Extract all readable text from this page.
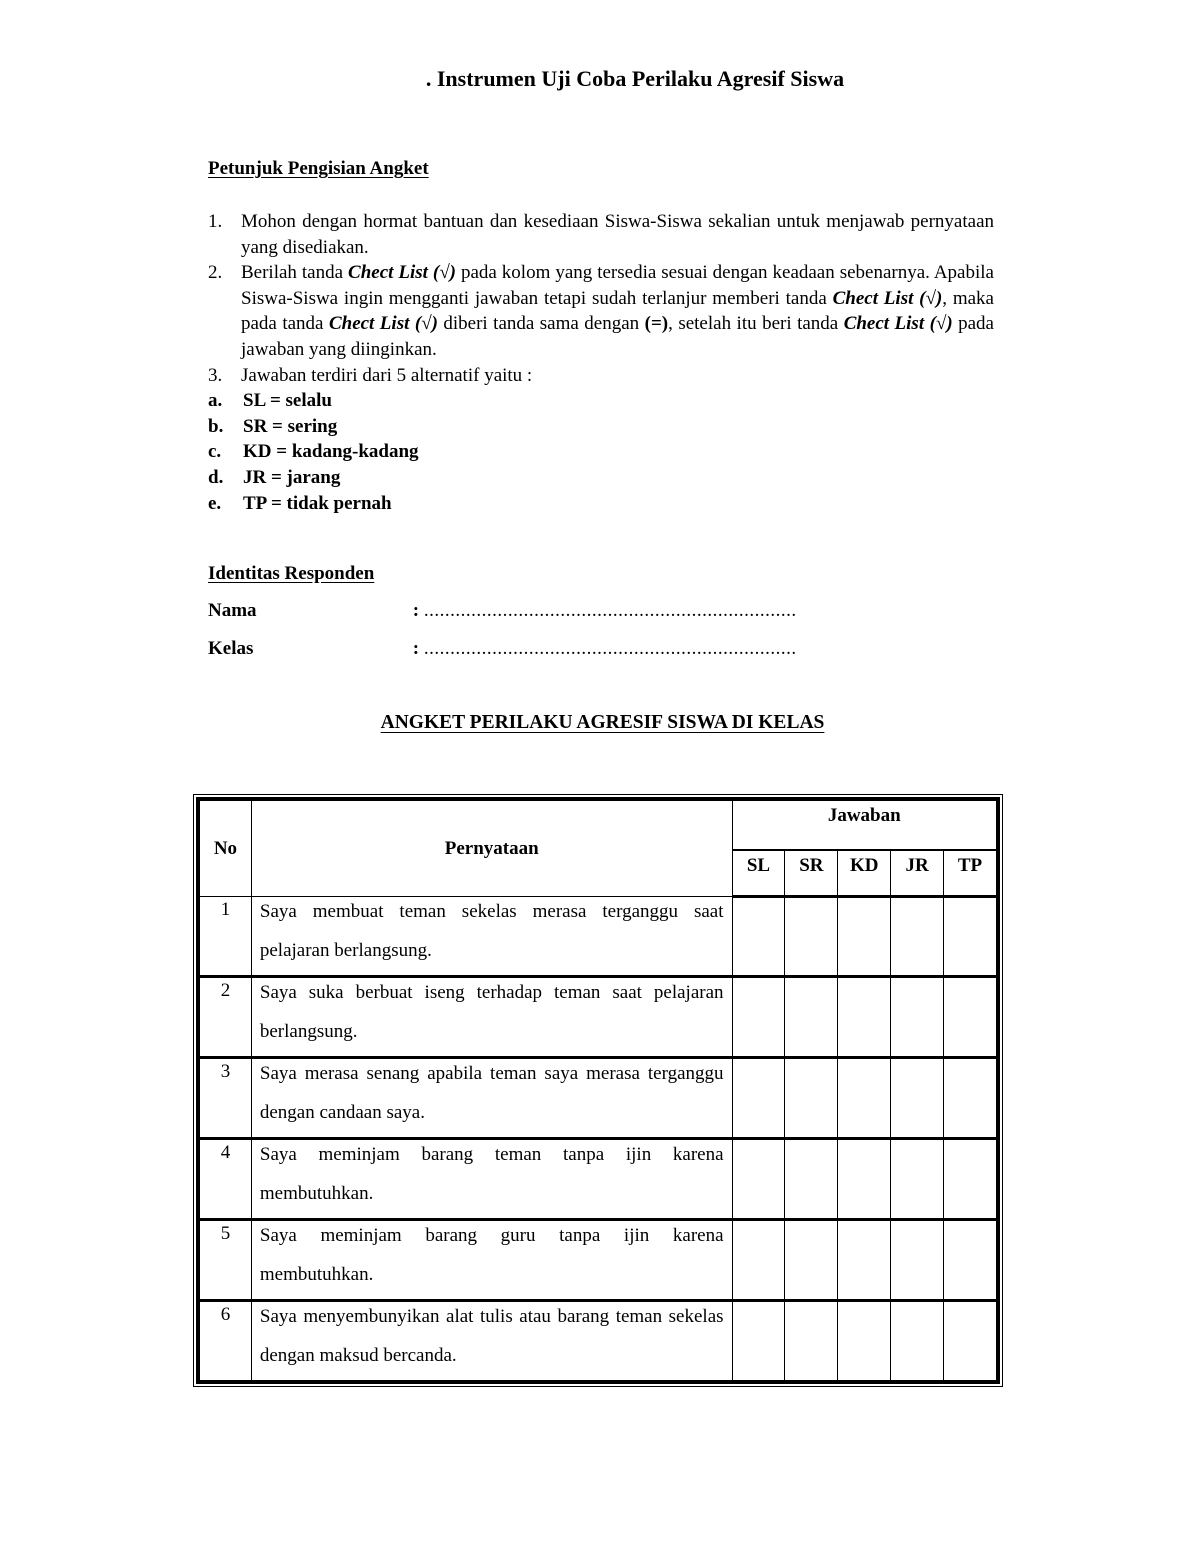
. Instrumen Uji Coba Perilaku Agresif Siswa

Petunjuk Pengisian Angket

1. Mohon dengan hormat bantuan dan kesediaan Siswa-Siswa sekalian untuk menjawab pernyataan yang disediakan.
2. Berilah tanda Chect List (√) pada kolom yang tersedia sesuai dengan keadaan sebenarnya. Apabila Siswa-Siswa ingin mengganti jawaban tetapi sudah terlanjur memberi tanda Chect List (√), maka pada tanda Chect List (√) diberi tanda sama dengan (=), setelah itu beri tanda Chect List (√) pada jawaban yang diinginkan.
3. Jawaban terdiri dari 5 alternatif yaitu :
a. SL = selalu
b. SR = sering
c. KD = kadang-kadang
d. JR = jarang
e. TP = tidak pernah

Identitas Responden

Nama	: .......................................................................

Kelas	: .......................................................................

ANGKET PERILAKU AGRESIF SISWA DI KELAS

No	Pernyataan	Jawaban				
		SL	SR	KD	JR	TP
1	Saya membuat teman sekelas merasa terganggu saat pelajaran berlangsung.					

2	Saya suka berbuat iseng terhadap teman saat pelajaran berlangsung.					

3	Saya merasa senang apabila teman saya merasa terganggu dengan candaan saya.					

4	Saya meminjam barang teman tanpa ijin karena membutuhkan.					

5	Saya meminjam barang guru tanpa ijin karena membutuhkan.					

6	Saya menyembunyikan alat tulis atau barang teman sekelas dengan maksud bercanda.					
